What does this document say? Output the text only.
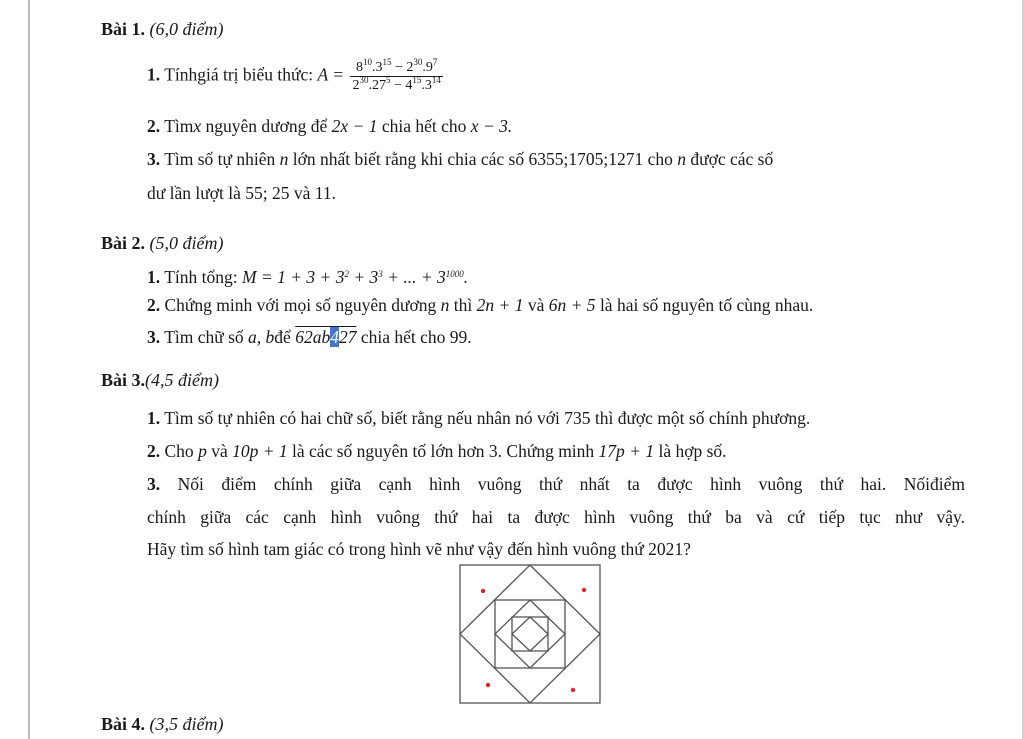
Bài 1. (6,0 điểm)
1. Tínhgiá trị biểu thức: $A = \frac{8^{10}.3^{15} - 2^{30}.9^7}{2^{30}.27^5 - 4^{15}.3^{14}}$
2. Tìmx nguyên dương để 2x − 1 chia hết cho x − 3.
3. Tìm số tự nhiên n lớn nhất biết rằng khi chia các số 6355;1705;1271 cho n được các số
dư lần lượt là 55; 25 và 11.
Bài 2. (5,0 điểm)
1. Tính tổng: $M = 1 + 3 + 3^2 + 3^3$ + ... + $3^{1000}$.
2. Chứng minh với mọi số nguyên dương n thì 2n + 1 và 6n + 5 là hai số nguyên tố cùng nhau.
3. Tìm chữ số a, bđể 62ab427 chia hết cho 99.
Bài 3.(4,5 điểm)
1. Tìm số tự nhiên có hai chữ số, biết rằng nếu nhân nó với 735 thì được một số chính phương.
2. Cho p và 10p + 1 là các số nguyên tố lớn hơn 3. Chứng minh 17p + 1 là hợp số.
3. Nối điểm chính giữa cạnh hình vuông thứ nhất ta được hình vuông thứ hai. Nốiđiểm
chính giữa các cạnh hình vuông thứ hai ta được hình vuông thứ ba và cứ tiếp tục như vậy.
Hãy tìm số hình tam giác có trong hình vẽ như vậy đến hình vuông thứ 2021?
Bài 4. (3,5 điểm)
